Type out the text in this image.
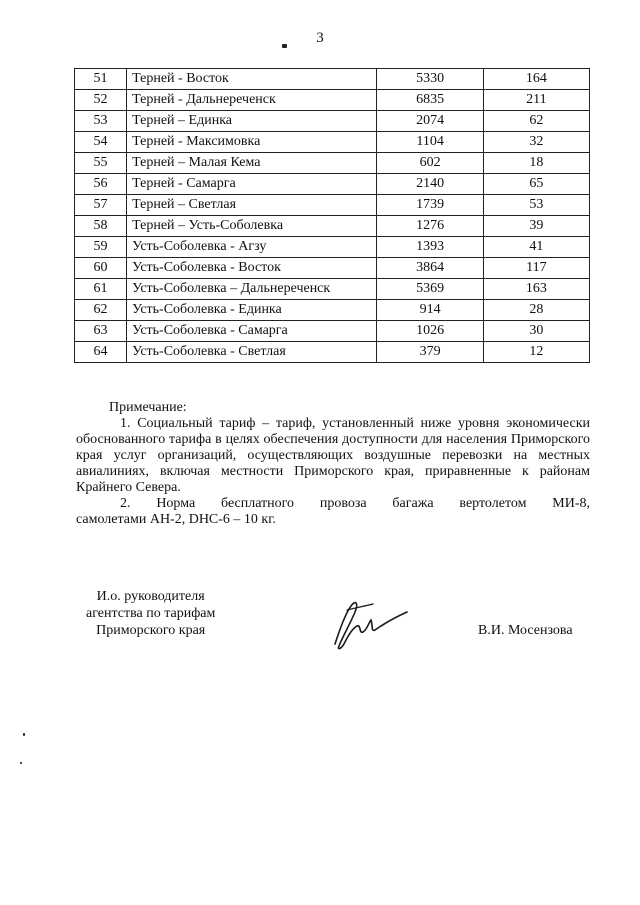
3
51	Терней - Восток	5330	164
52	Терней - Дальнереченск	6835	211
53	Терней – Единка	2074	62
54	Терней - Максимовка	1104	32
55	Терней – Малая Кема	602	18
56	Терней - Самарга	2140	65
57	Терней – Светлая	1739	53
58	Терней – Усть-Соболевка	1276	39
59	Усть-Соболевка - Агзу	1393	41
60	Усть-Соболевка - Восток	3864	117
61	Усть-Соболевка – Дальнереченск	5369	163
62	Усть-Соболевка - Единка	914	28
63	Усть-Соболевка - Самарга	1026	30
64	Усть-Соболевка - Светлая	379	12

Примечание:

1. Социальный тариф – тариф, установленный ниже уровня экономически обоснованного тарифа в целях обеспечения доступности для населения Приморского края услуг организаций, осуществляющих воздушные перевозки на местных авиалиниях, включая местности Приморского края, приравненные к районам Крайнего Севера.

2. Норма бесплатного провоза багажа вертолетом МИ-8,

самолетами АН-2, DHC-6 – 10 кг.

И.о. руководителя
агентства по тарифам
Приморского края	В.И. Мосензова
